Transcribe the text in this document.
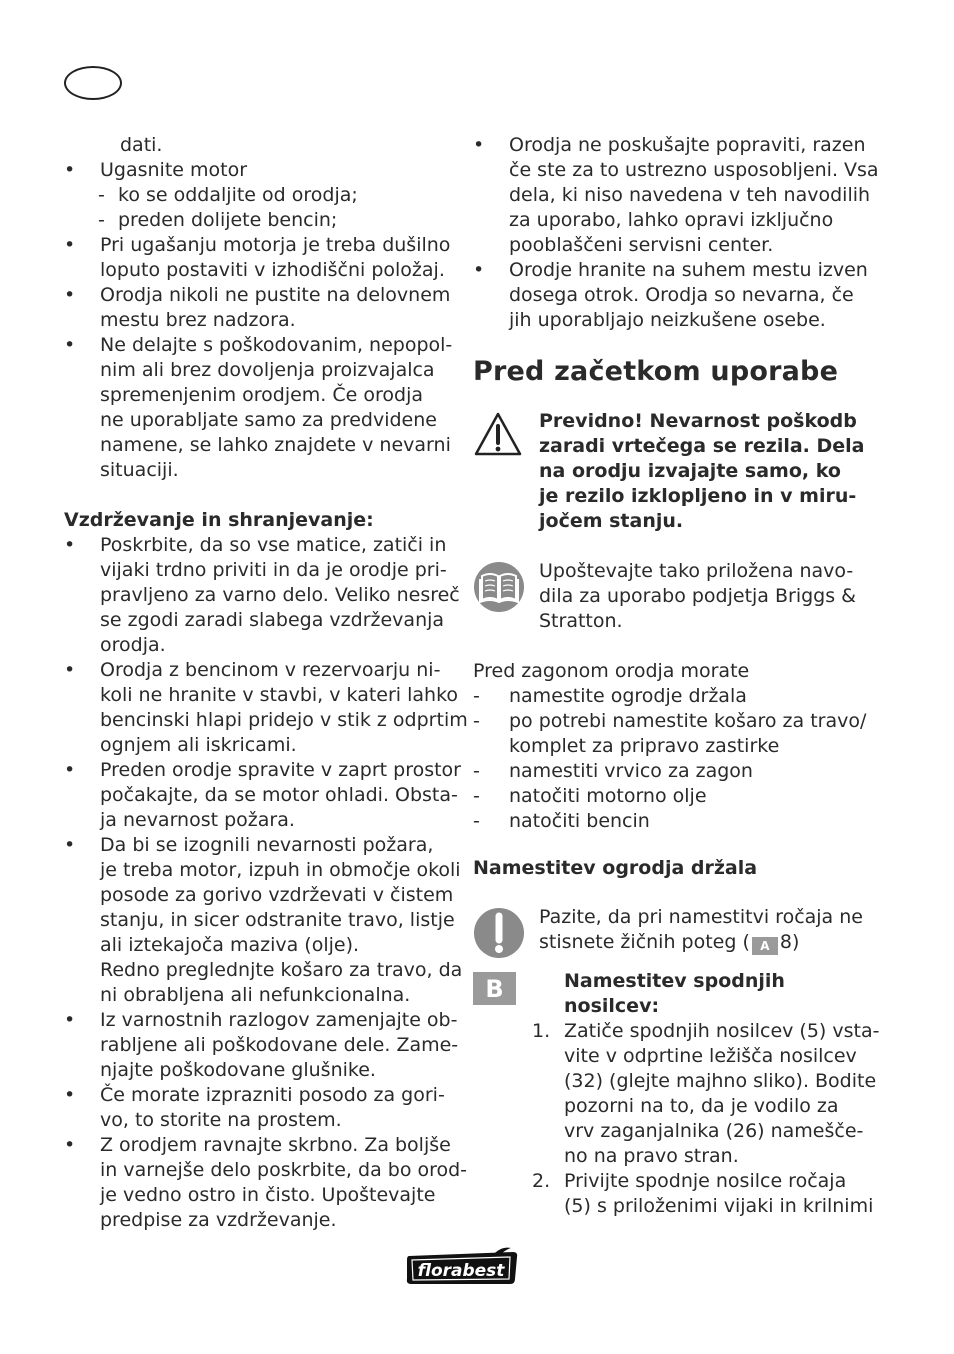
dati.
• Ugasnite motor
- ko se oddaljite od orodja;
- preden dolijete bencin;
• Pri ugašanju motorja je treba dušilno
loputo postaviti v izhodiščni položaj.
• Orodja nikoli ne pustite na delovnem
mestu brez nadzora.
• Ne delajte s poškodovanim, nepopol-
nim ali brez dovoljenja proizvajalca
spremenjenim orodjem. Če orodja
ne uporabljate samo za predvidene
namene, se lahko znajdete v nevarni
situaciji.
Vzdrževanje in shranjevanje:
• Poskrbite, da so vse matice, zatiči in
vijaki trdno priviti in da je orodje pri-
pravljeno za varno delo. Veliko nesreč
se zgodi zaradi slabega vzdrževanja
orodja.
• Orodja z bencinom v rezervoarju ni-
koli ne hranite v stavbi, v kateri lahko
bencinski hlapi pridejo v stik z odprtim
ognjem ali iskricami.
• Preden orodje spravite v zaprt prostor
počakajte, da se motor ohladi. Obsta-
ja nevarnost požara.
• Da bi se izognili nevarnosti požara,
je treba motor, izpuh in območje okoli
posode za gorivo vzdrževati v čistem
stanju, in sicer odstranite travo, listje
ali iztekajoča maziva (olje).
Redno preglednjte košaro za travo, da
ni obrabljena ali nefunkcionalna.
• Iz varnostnih razlogov zamenjajte ob-
rabljene ali poškodovane dele. Zame-
njajte poškodovane glušnike.
• Če morate izprazniti posodo za gori-
vo, to storite na prostem.
• Z orodjem ravnajte skrbno. Za boljše
in varnejše delo poskrbite, da bo orod-
je vedno ostro in čisto. Upoštevajte
predpise za vzdrževanje.
• Orodja ne poskušajte popraviti, razen
če ste za to ustrezno usposobljeni. Vsa
dela, ki niso navedena v teh navodilih
za uporabo, lahko opravi izključno
pooblaščeni servisni center.
• Orodje hranite na suhem mestu izven
dosega otrok. Orodja so nevarna, če
jih uporabljajo neizkušene osebe.
Pred začetkom uporabe
Previdno! Nevarnost poškodb
zaradi vrtečega se rezila. Dela
na orodju izvajajte samo, ko
je rezilo izklopljeno in v miru-
jočem stanju.
Upoštevajte tako priložena navo-
dila za uporabo podjetja Briggs &
Stratton.
Pred zagonom orodja morate
- namestite ogrodje držala
- po potrebi namestite košaro za travo/
komplet za pripravo zastirke
- namestiti vrvico za zagon
- natočiti motorno olje
- natočiti bencin
Namestitev ogrodja držala
Pazite, da pri namestitvi ročaja ne
stisnete žičnih poteg ( A 8)
B	Namestitev spodnjih
nosilcev:
1. Zatiče spodnjih nosilcev (5) vsta-
vite v odprtine ležišča nosilcev
(32) (glejte majhno sliko). Bodite
pozorni na to, da je vodilo za
vrv zaganjalnika (26) nameščе-
no na pravo stran.
2. Privijte spodnje nosilce ročaja
(5) s priloženimi vijaki in krilnimi
florabest
